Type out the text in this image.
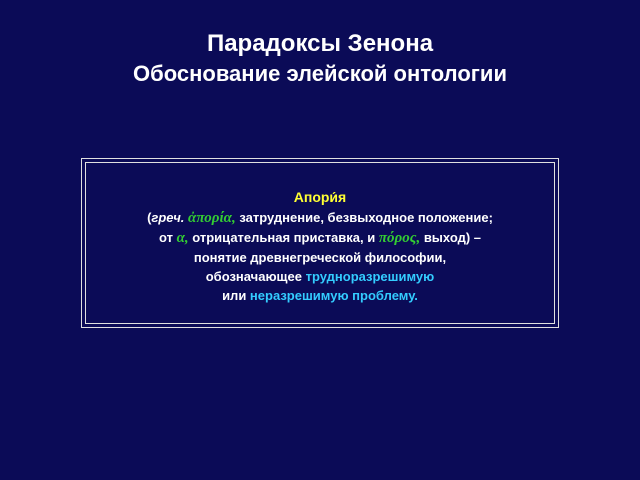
Парадоксы Зенона
Обоснование элейской онтологии
Апори́я
(греч. ἀπορία, затруднение, безвыходное положение;
от α, отрицательная приставка, и πόρος, выход) –
понятие древнегреческой философии,
обозначающее трудноразрешимую
или неразрешимую проблему.
